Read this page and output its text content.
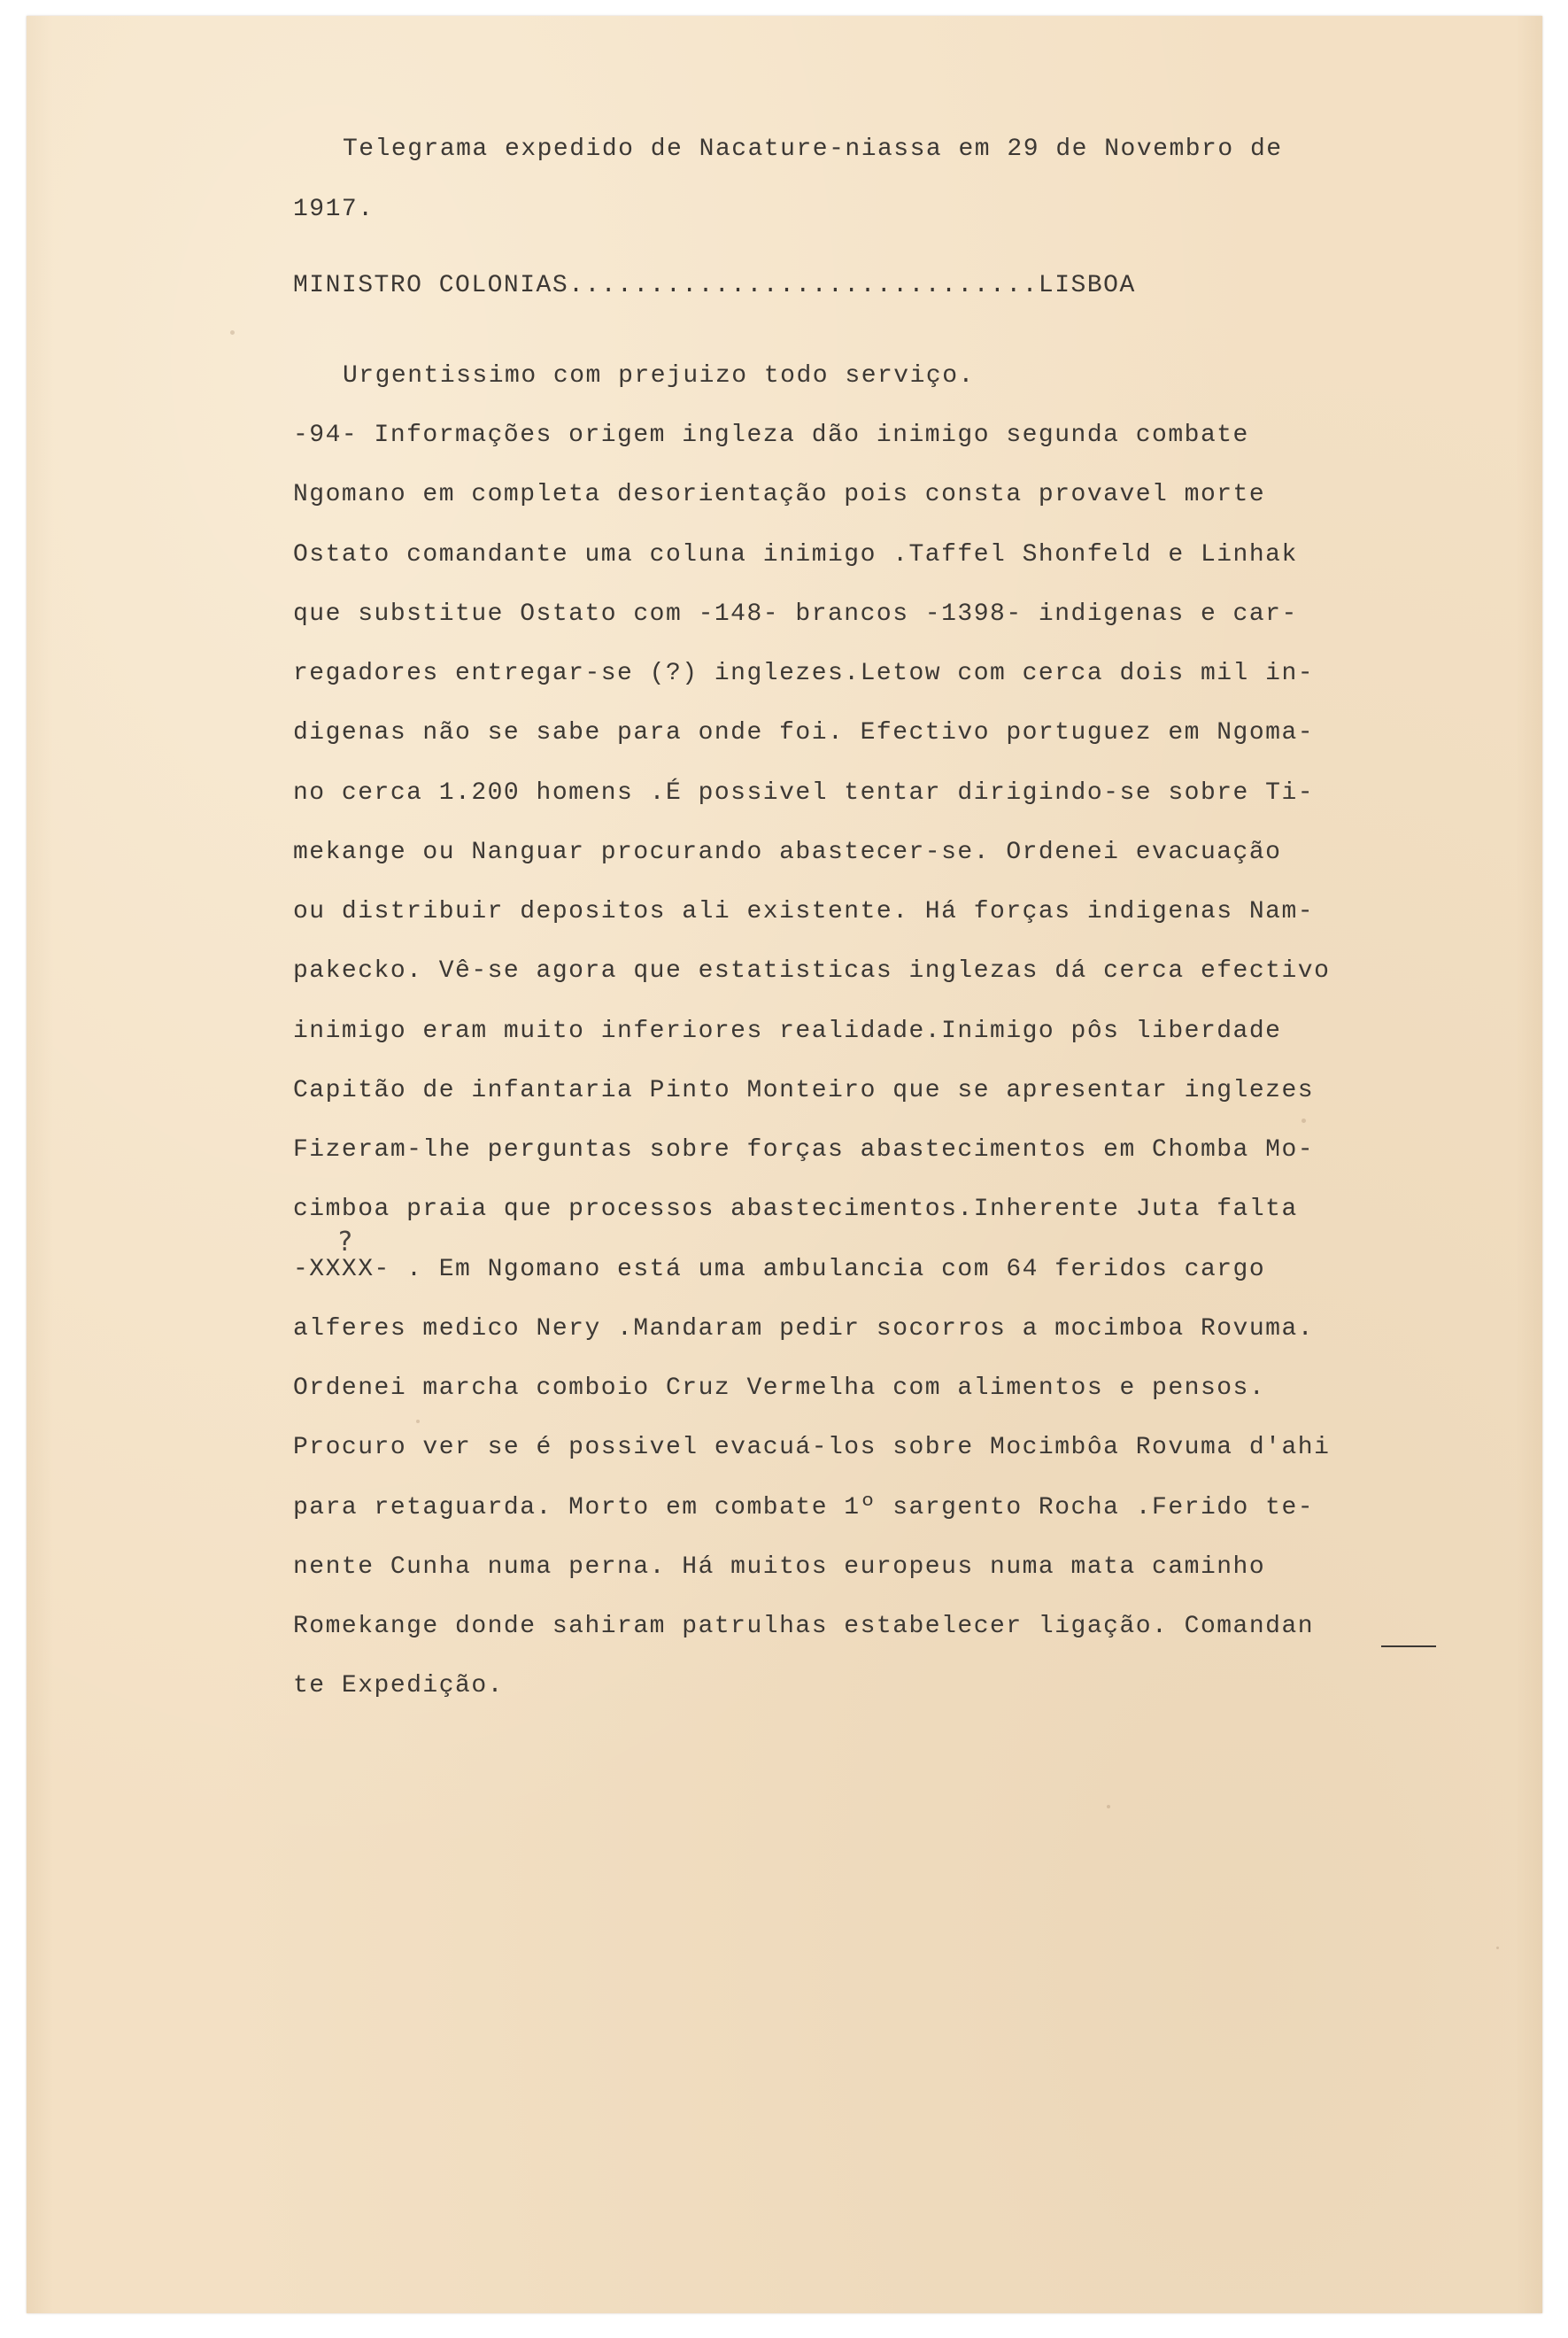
Telegrama expedido de Nacature-niassa em 29 de Novembro de

1917.

MINISTRO COLONIAS.............................LISBOA

Urgentissimo com prejuizo todo serviço.

-94- Informações origem ingleza dão inimigo segunda combate

Ngomano em completa desorientação pois consta provavel morte

Ostato comandante uma coluna inimigo .Taffel Shonfeld e Linhak

que substitue Ostato com -148- brancos -1398- indigenas e car-

regadores entregar-se (?) inglezes.Letow com cerca dois mil in-

digenas não se sabe para onde foi. Efectivo portuguez em Ngoma-

no cerca 1.200 homens .É possivel tentar dirigindo-se sobre Ti-

mekange ou Nanguar procurando abastecer-se. Ordenei evacuação

ou distribuir depositos ali existente. Há forças indigenas Nam-

pakecko. Vê-se agora que estatisticas inglezas dá cerca efectivo

inimigo eram muito inferiores realidade.Inimigo pôs liberdade

Capitão de infantaria Pinto Monteiro que se apresentar inglezes

Fizeram-lhe perguntas sobre forças abastecimentos em Chomba Mo-

cimboa praia que processos abastecimentos.Inherente Juta falta

-XXXX- . Em Ngomano está uma ambulancia com 64 feridos cargo

alferes medico Nery .Mandaram pedir socorros a mocimboa Rovuma.

Ordenei marcha comboio Cruz Vermelha com alimentos e pensos.

Procuro ver se é possivel evacuá-los sobre Mocimbôa Rovuma d'ahi

para retaguarda. Morto em combate 1º sargento Rocha .Ferido te-

nente Cunha numa perna. Há muitos europeus numa mata caminho

Romekange donde sahiram patrulhas estabelecer ligação. Comandan

te Expedição.

?
